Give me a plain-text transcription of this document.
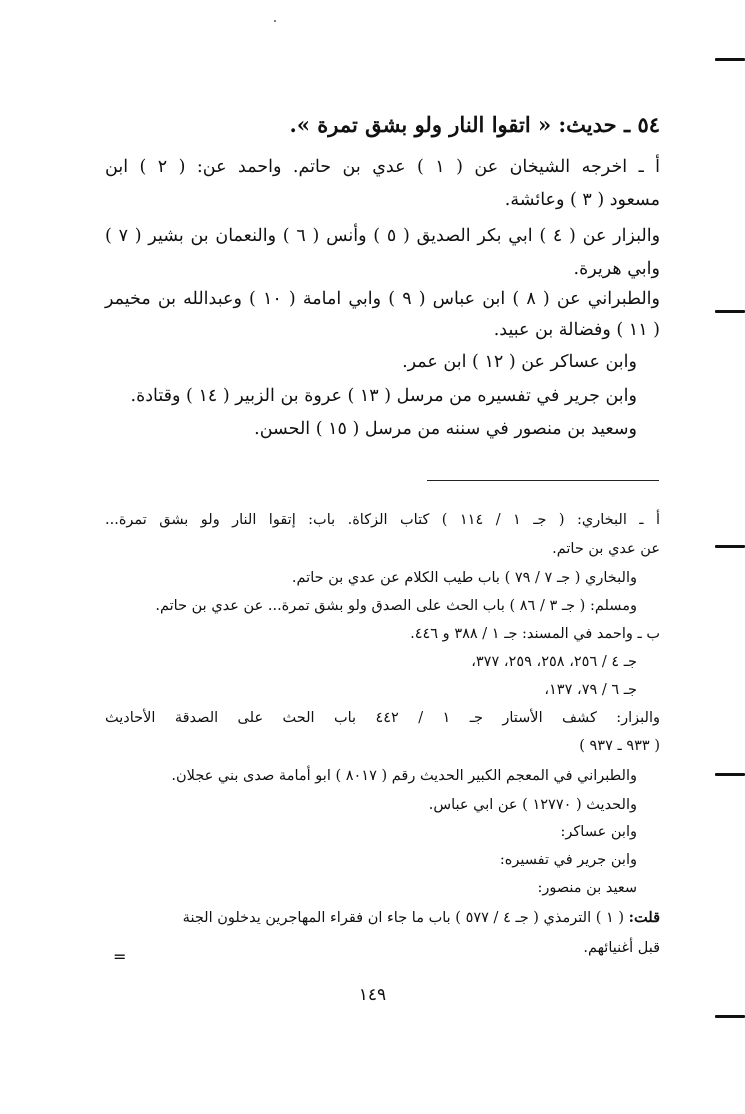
٥٤ ـ حديث: « اتقوا النار ولو بشق تمرة ».
أ ـ اخرجه الشيخان عن ( ١ ) عدي بن حاتم. واحمد عن: ( ٢ ) ابن
مسعود ( ٣ ) وعائشة.
والبزار عن ( ٤ ) ابي بكر الصديق ( ٥ ) وأنس ( ٦ ) والنعمان بن بشير ( ٧ )
وابي هريرة.
والطبراني عن ( ٨ ) ابن عباس ( ٩ ) وابي امامة ( ١٠ ) وعبدالله بن مخيمر
( ١١ ) وفضالة بن عبيد.
وابن عساكر عن ( ١٢ ) ابن عمر.
وابن جرير في تفسيره من مرسل ( ١٣ ) عروة بن الزبير ( ١٤ ) وقتادة.
وسعيد بن منصور في سننه من مرسل ( ١٥ ) الحسن.
أ ـ البخاري: ( جـ ١ / ١١٤ ) كتاب الزكاة. باب: إتقوا النار ولو بشق تمرة...
عن عدي بن حاتم.
والبخاري ( جـ ٧ / ٧٩ ) باب طيب الكلام عن عدي بن حاتم.
ومسلم: ( جـ ٣ / ٨٦ ) باب الحث على الصدق ولو بشق تمرة... عن عدي بن حاتم.
ب ـ واحمد في المسند: جـ ١ / ٣٨٨ و ٤٤٦.
جـ ٤ / ٢٥٦، ٢٥٨، ٢٥٩، ٣٧٧،
جـ ٦ / ٧٩، ١٣٧،
والبزار: كشف الأستار جـ ١ / ٤٤٢ باب الحث على الصدقة الأحاديث
( ٩٣٣ ـ ٩٣٧ )
والطبراني في المعجم الكبير الحديث رقم ( ٨٠١٧ ) ابو أمامة صدى بني عجلان.
والحديث ( ١٢٧٧٠ ) عن ابي عباس.
وابن عساكر:
وابن جرير في تفسيره:
سعيد بن منصور:
قلت: ( ١ ) الترمذي ( جـ ٤ / ٥٧٧ ) باب ما جاء ان فقراء المهاجرين يدخلون الجنة
قبل أغنيائهم.
=
١٤٩
